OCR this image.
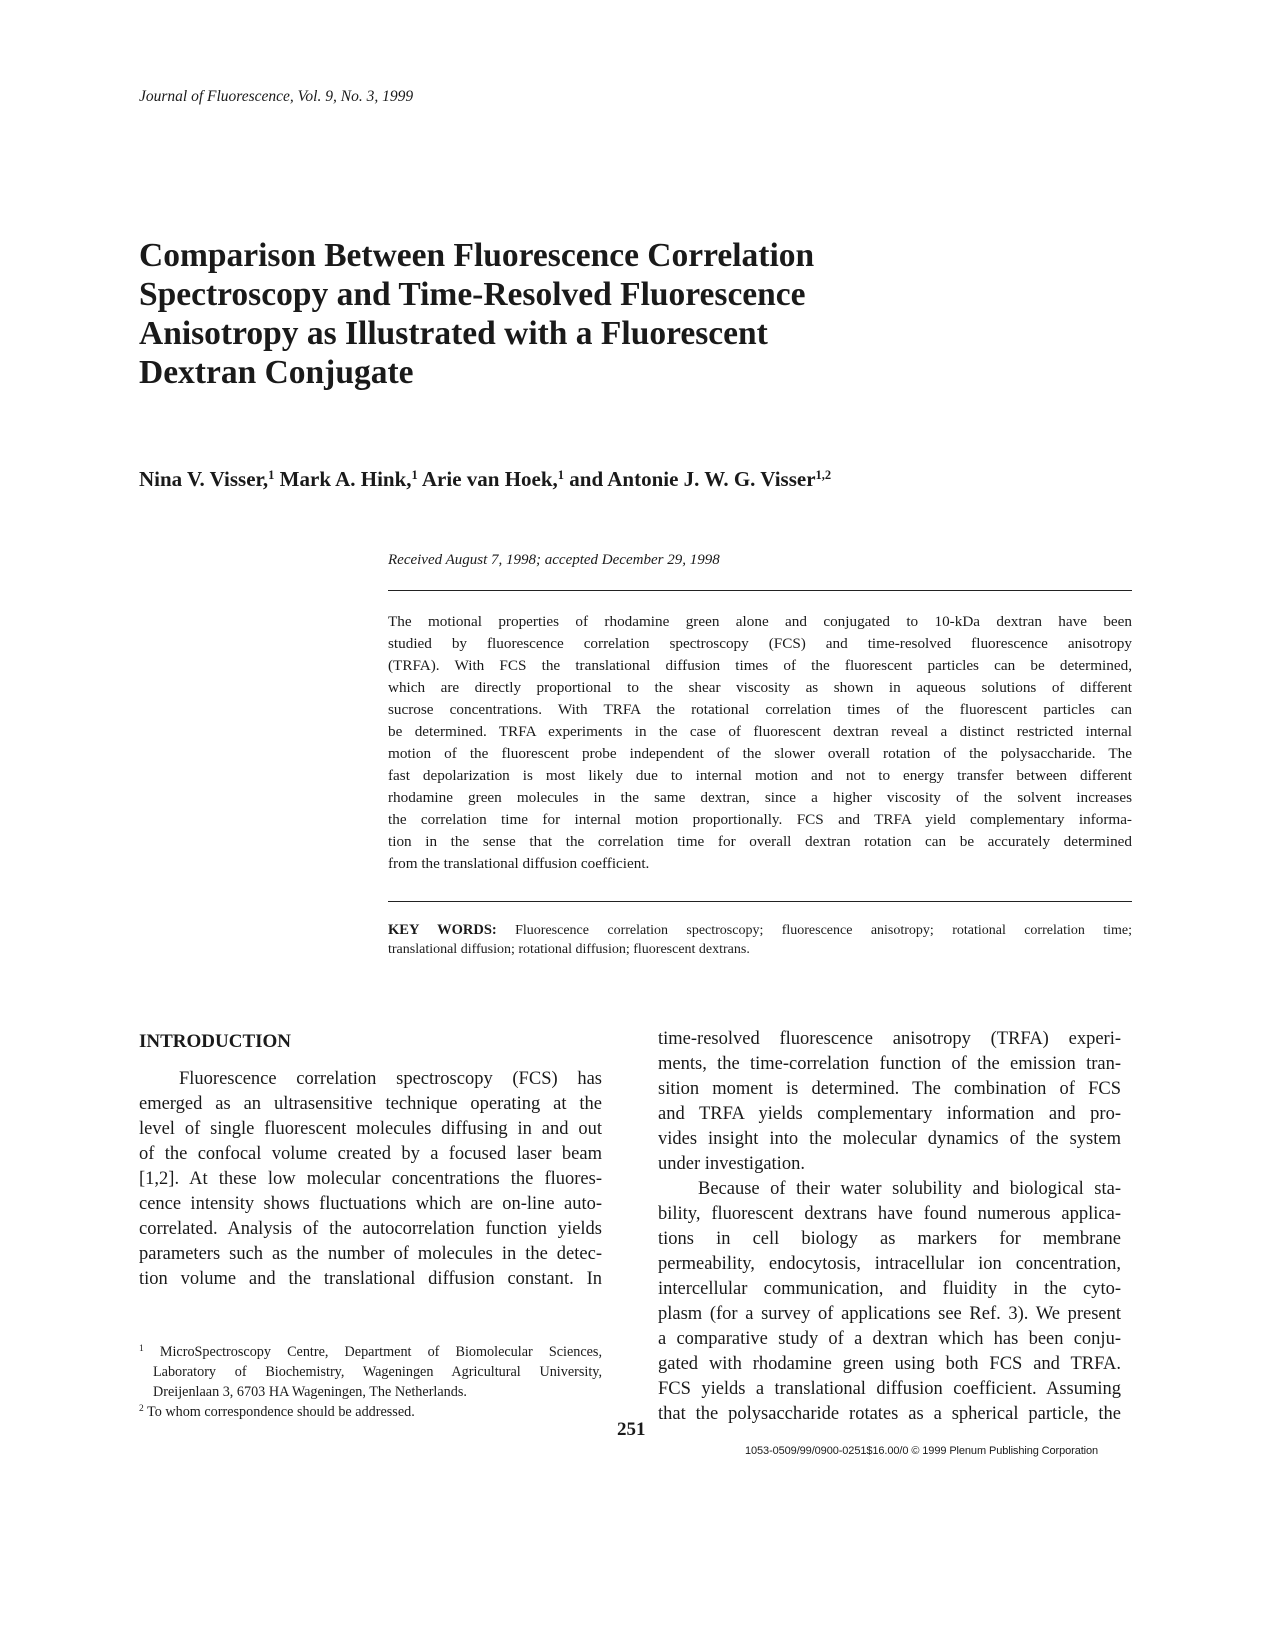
Journal of Fluorescence, Vol. 9, No. 3, 1999
Comparison Between Fluorescence Correlation
Spectroscopy and Time-Resolved Fluorescence
Anisotropy as Illustrated with a Fluorescent
Dextran Conjugate
Nina V. Visser,$^1$ Mark A. Hink,$^1$ Arie van Hoek,$^1$ and Antonie J. W. G. Visser$^{1,2}$
Received August 7, 1998; accepted December 29, 1998
The motional properties of rhodamine green alone and conjugated to 10-kDa dextran have been
studied by fluorescence correlation spectroscopy (FCS) and time-resolved fluorescence anisotropy
(TRFA). With FCS the translational diffusion times of the fluorescent particles can be determined,
which are directly proportional to the shear viscosity as shown in aqueous solutions of different
sucrose concentrations. With TRFA the rotational correlation times of the fluorescent particles can
be determined. TRFA experiments in the case of fluorescent dextran reveal a distinct restricted internal
motion of the fluorescent probe independent of the slower overall rotation of the polysaccharide. The
fast depolarization is most likely due to internal motion and not to energy transfer between different
rhodamine green molecules in the same dextran, since a higher viscosity of the solvent increases
the correlation time for internal motion proportionally. FCS and TRFA yield complementary informa-
tion in the sense that the correlation time for overall dextran rotation can be accurately determined
from the translational diffusion coefficient.
KEY WORDS: Fluorescence correlation spectroscopy; fluorescence anisotropy; rotational correlation time;
translational diffusion; rotational diffusion; fluorescent dextrans.
INTRODUCTION
Fluorescence correlation spectroscopy (FCS) has
emerged as an ultrasensitive technique operating at the
level of single fluorescent molecules diffusing in and out
of the confocal volume created by a focused laser beam
[1,2]. At these low molecular concentrations the fluores-
cence intensity shows fluctuations which are on-line auto-
correlated. Analysis of the autocorrelation function yields
parameters such as the number of molecules in the detec-
tion volume and the translational diffusion constant. In
time-resolved fluorescence anisotropy (TRFA) experi-
ments, the time-correlation function of the emission tran-
sition moment is determined. The combination of FCS
and TRFA yields complementary information and pro-
vides insight into the molecular dynamics of the system
under investigation.
Because of their water solubility and biological sta-
bility, fluorescent dextrans have found numerous applica-
tions in cell biology as markers for membrane
permeability, endocytosis, intracellular ion concentration,
intercellular communication, and fluidity in the cyto-
plasm (for a survey of applications see Ref. 3). We present
a comparative study of a dextran which has been conju-
gated with rhodamine green using both FCS and TRFA.
FCS yields a translational diffusion coefficient. Assuming
that the polysaccharide rotates as a spherical particle, the
$^1$ MicroSpectroscopy Centre, Department of Biomolecular Sciences,
Laboratory of Biochemistry, Wageningen Agricultural University,
Dreijenlaan 3, 6703 HA Wageningen, The Netherlands.
$^2$ To whom correspondence should be addressed.
251
1053-0509/99/0900-0251$16.00/0 © 1999 Plenum Publishing Corporation
